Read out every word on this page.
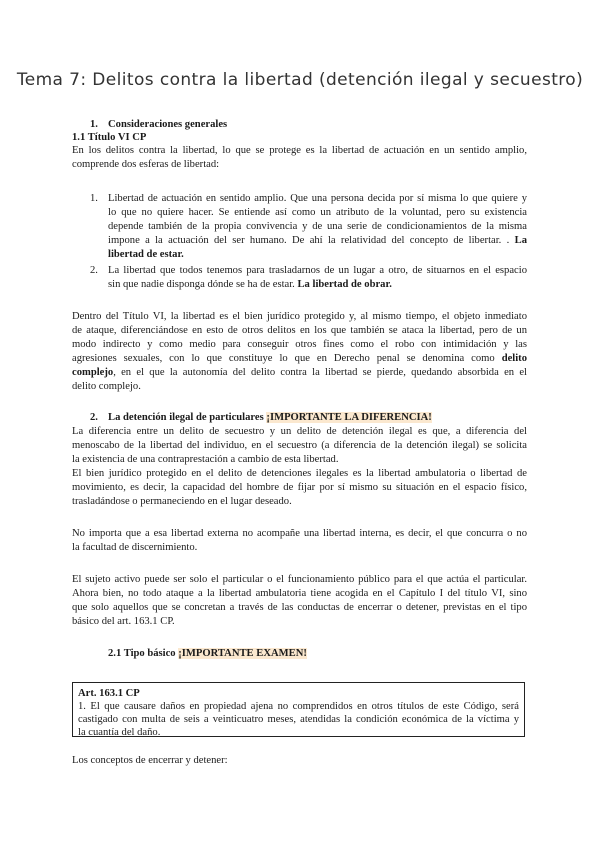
Tema 7: Delitos contra la libertad (detención ilegal y secuestro)
1. Consideraciones generales
1.1 Título VI CP
En los delitos contra la libertad, lo que se protege es la libertad de actuación en un sentido amplio,
comprende dos esferas de libertad:
1. Libertad de actuación en sentido amplio. Que una persona decida por sí misma lo que quiere y
lo que no quiere hacer. Se entiende así como un atributo de la voluntad, pero su existencia
depende también de la propia convivencia y de una serie de condicionamientos de la misma
impone a la actuación del ser humano. De ahí la relatividad del concepto de libertar. . La
libertad de estar.
2. La libertad que todos tenemos para trasladarnos de un lugar a otro, de situarnos en el espacio
sin que nadie disponga dónde se ha de estar. La libertad de obrar.
Dentro del Título VI, la libertad es el bien jurídico protegido y, al mismo tiempo, el objeto inmediato
de ataque, diferenciándose en esto de otros delitos en los que también se ataca la libertad, pero de un
modo indirecto y como medio para conseguir otros fines como el robo con intimidación y las
agresiones sexuales, con lo que constituye lo que en Derecho penal se denomina como delito
complejo, en el que la autonomía del delito contra la libertad se pierde, quedando absorbida en el
delito complejo.
2. La detención ilegal de particulares ¡IMPORTANTE LA DIFERENCIA!
La diferencia entre un delito de secuestro y un delito de detención ilegal es que, a diferencia del
menoscabo de la libertad del individuo, en el secuestro (a diferencia de la detención ilegal) se solicita
la existencia de una contraprestación a cambio de esta libertad.
El bien jurídico protegido en el delito de detenciones ilegales es la libertad ambulatoria o libertad de
movimiento, es decir, la capacidad del hombre de fijar por sí mismo su situación en el espacio físico,
trasladándose o permaneciendo en el lugar deseado.
No importa que a esa libertad externa no acompañe una libertad interna, es decir, el que concurra o no
la facultad de discernimiento.
El sujeto activo puede ser solo el particular o el funcionamiento público para el que actúa el particular.
Ahora bien, no todo ataque a la libertad ambulatoria tiene acogida en el Capítulo I del título VI, sino
que solo aquellos que se concretan a través de las conductas de encerrar o detener, previstas en el tipo
básico del art. 163.1 CP.
2.1 Tipo básico ¡IMPORTANTE EXAMEN!
Art. 163.1 CP
1. El que causare daños en propiedad ajena no comprendidos en otros títulos de este Código, será
castigado con multa de seis a veinticuatro meses, atendidas la condición económica de la víctima y
la cuantía del daño.
Los conceptos de encerrar y detener:
